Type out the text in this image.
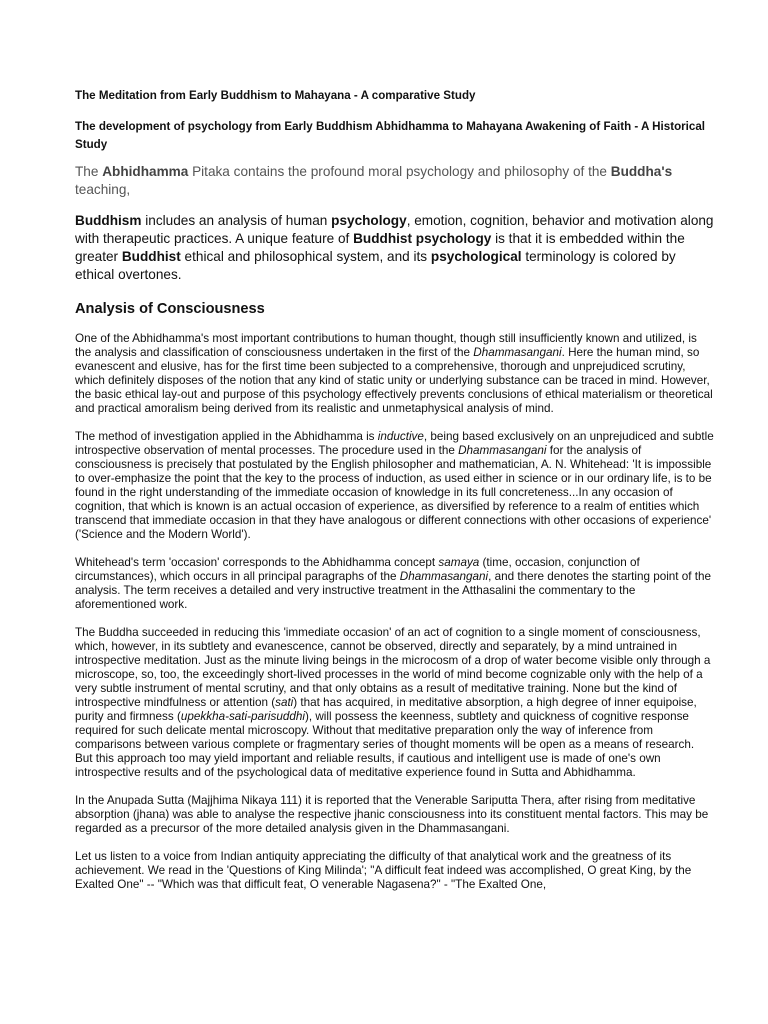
The Meditation from Early Buddhism to Mahayana - A comparative Study
The development of psychology from Early Buddhism Abhidhamma to Mahayana Awakening of Faith - A Historical Study

The Abhidhamma Pitaka contains the profound moral psychology and philosophy of the Buddha's teaching,

Buddhism includes an analysis of human psychology, emotion, cognition, behavior and motivation along with therapeutic practices. A unique feature of Buddhist psychology is that it is embedded within the greater Buddhist ethical and philosophical system, and its psychological terminology is colored by ethical overtones.

Analysis of Consciousness

One of the Abhidhamma's most important contributions to human thought, though still insufficiently known and utilized, is the analysis and classification of consciousness undertaken in the first of the Dhammasangani. Here the human mind, so evanescent and elusive, has for the first time been subjected to a comprehensive, thorough and unprejudiced scrutiny, which definitely disposes of the notion that any kind of static unity or underlying substance can be traced in mind. However, the basic ethical lay-out and purpose of this psychology effectively prevents conclusions of ethical materialism or theoretical and practical amoralism being derived from its realistic and unmetaphysical analysis of mind.

The method of investigation applied in the Abhidhamma is inductive, being based exclusively on an unprejudiced and subtle introspective observation of mental processes. The procedure used in the Dhammasangani for the analysis of consciousness is precisely that postulated by the English philosopher and mathematician, A. N. Whitehead: 'It is impossible to over-emphasize the point that the key to the process of induction, as used either in science or in our ordinary life, is to be found in the right understanding of the immediate occasion of knowledge in its full concreteness...In any occasion of cognition, that which is known is an actual occasion of experience, as diversified by reference to a realm of entities which transcend that immediate occasion in that they have analogous or different connections with other occasions of experience' ('Science and the Modern World').

Whitehead's term 'occasion' corresponds to the Abhidhamma concept samaya (time, occasion, conjunction of circumstances), which occurs in all principal paragraphs of the Dhammasangani, and there denotes the starting point of the analysis. The term receives a detailed and very instructive treatment in the Atthasalini the commentary to the aforementioned work.

The Buddha succeeded in reducing this 'immediate occasion' of an act of cognition to a single moment of consciousness, which, however, in its subtlety and evanescence, cannot be observed, directly and separately, by a mind untrained in introspective meditation. Just as the minute living beings in the microcosm of a drop of water become visible only through a microscope, so, too, the exceedingly short-lived processes in the world of mind become cognizable only with the help of a very subtle instrument of mental scrutiny, and that only obtains as a result of meditative training. None but the kind of introspective mindfulness or attention (sati) that has acquired, in meditative absorption, a high degree of inner equipoise, purity and firmness (upekkha-sati-parisuddhi), will possess the keenness, subtlety and quickness of cognitive response required for such delicate mental microscopy. Without that meditative preparation only the way of inference from comparisons between various complete or fragmentary series of thought moments will be open as a means of research. But this approach too may yield important and reliable results, if cautious and intelligent use is made of one's own introspective results and of the psychological data of meditative experience found in Sutta and Abhidhamma.

In the Anupada Sutta (Majjhima Nikaya 111) it is reported that the Venerable Sariputta Thera, after rising from meditative absorption (jhana) was able to analyse the respective jhanic consciousness into its constituent mental factors. This may be regarded as a precursor of the more detailed analysis given in the Dhammasangani.

Let us listen to a voice from Indian antiquity appreciating the difficulty of that analytical work and the greatness of its achievement. We read in the 'Questions of King Milinda'; "A difficult feat indeed was accomplished, O great King, by the Exalted One" -- "Which was that difficult feat, O venerable Nagasena?" - "The Exalted One,
